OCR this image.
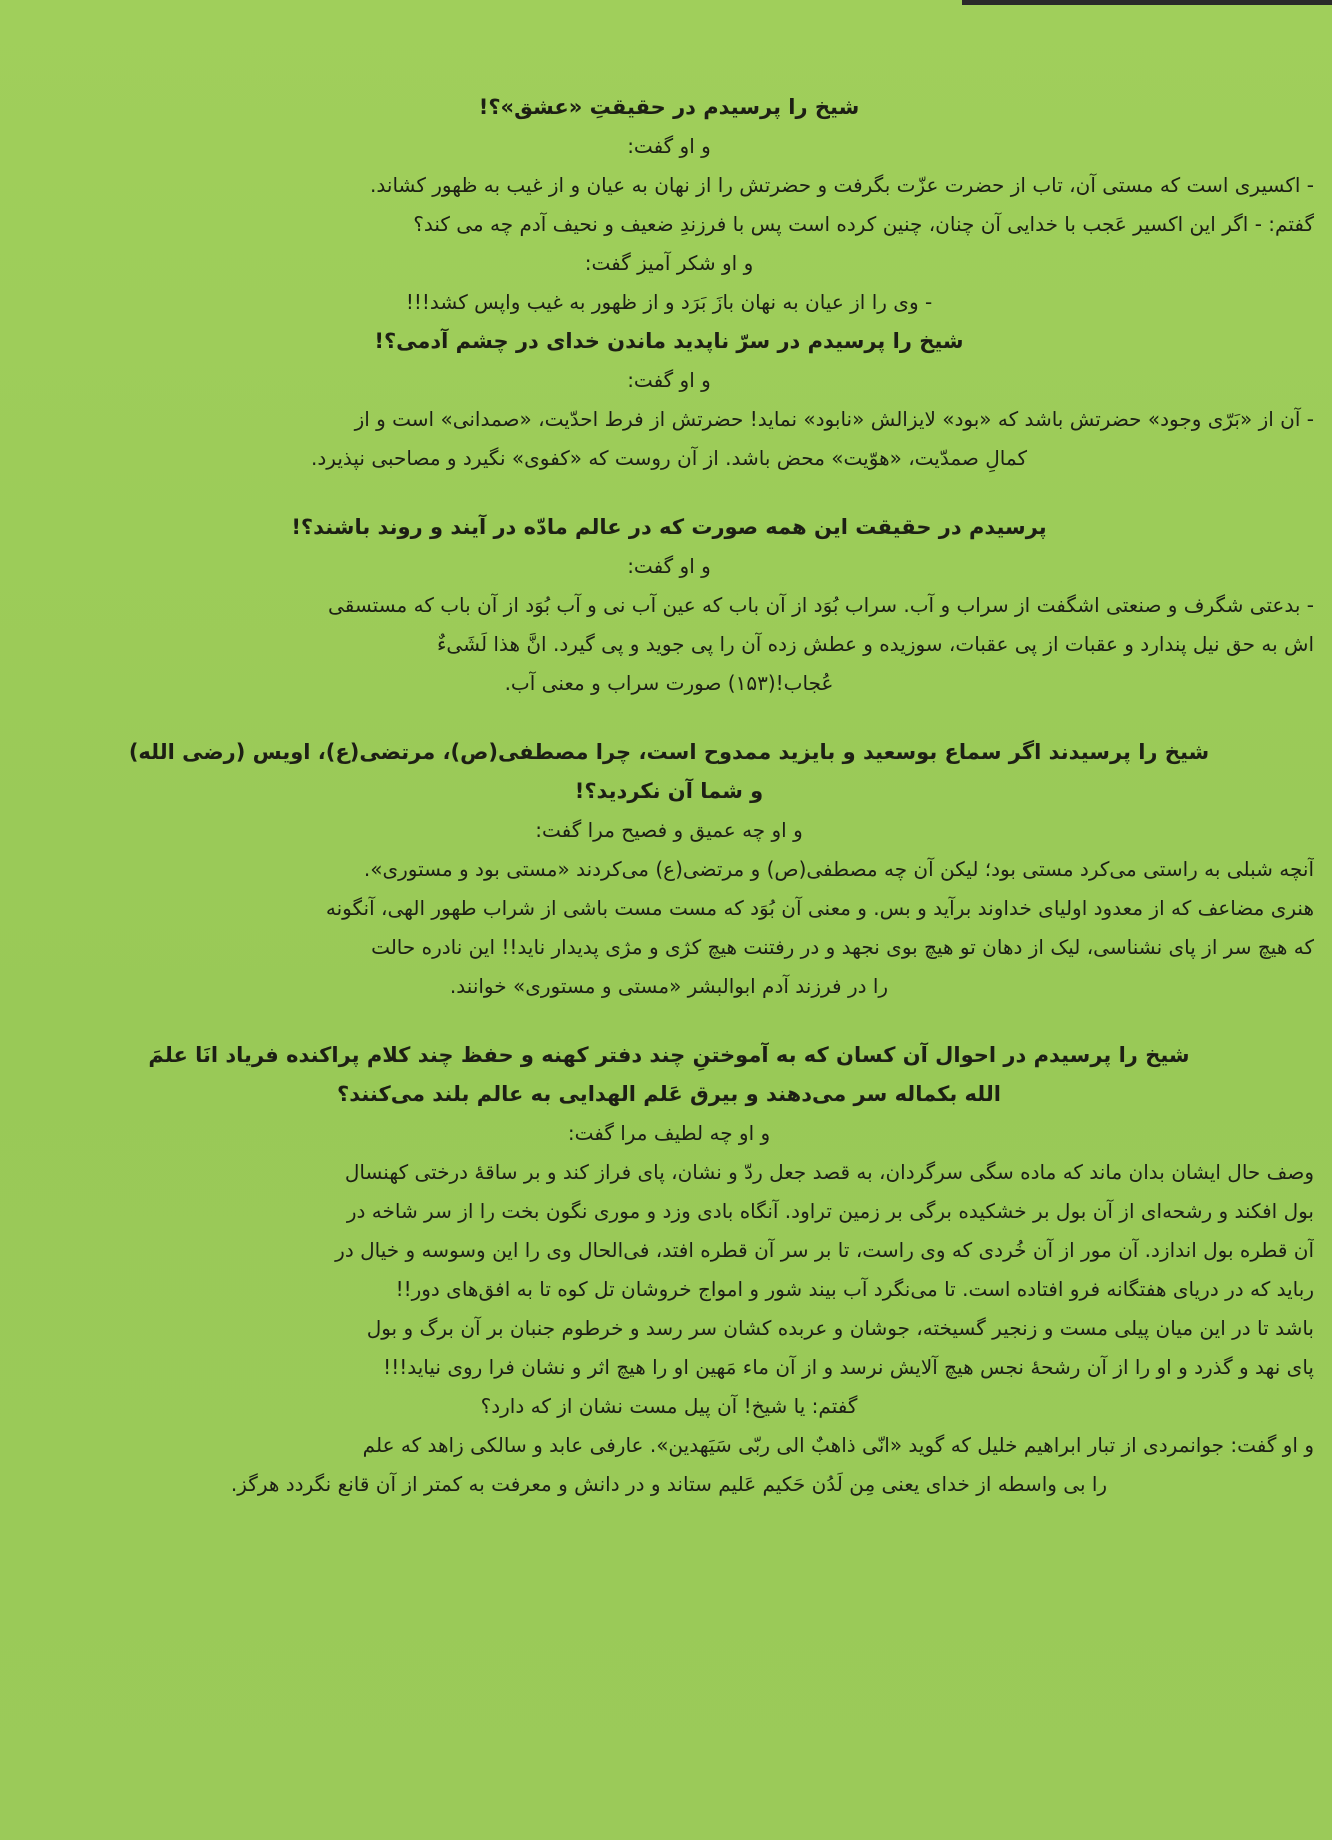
شیخ را پرسیدم در حقیقتِ «عشق»؟!
و او گفت:
- اکسیری است که مستی آن، تاب از حضرت عزّت بگرفت و حضرتش را از نهان به عیان و از غیب به ظهور کشاند.
گفتم: - اگر این اکسیر عَجب با خدایی آن چنان، چنین کرده است پس با فرزندِ ضعیف و نحیف آدم چه می کند؟
و او شکر آمیز گفت:
- وی را از عیان به نهان بازَ بَرَد و از ظهور به غیب واپس کشد!!!
شیخ را پرسیدم در سرّ ناپدید ماندن خدای در چشم آدمی؟!
و او گفت:
- آن از «بَرّی وجود» حضرتش باشد که «بود» لایزالش «نابود» نماید! حضرتش از فرط احدّیت، «صمدانی» است و از
کمالِ صمدّیت، «هوّیت» محض باشد. از آن روست که «کفوی» نگیرد و مصاحبی نپذیرد.
پرسیدم در حقیقت این همه صورت که در عالم مادّه در آیند و روند باشند؟!
و او گفت:
- بدعتی شگرف و صنعتی اشگفت از سراب و آب. سراب بُوَد از آن باب که عین آب نی و آب بُوَد از آن باب که مستسقی
اش به حق نیل پندارد و عقبات از پی عقبات، سوزیده و عطش زده آن را پی جوید و پی گیرد. انَّ هذا لَشَیءٌ
عُجاب!(۱۵۳) صورت سراب و معنی آب.
شیخ را پرسیدند اگر سماع بوسعید و بایزید ممدوح است، چرا مصطفی(ص)، مرتضی(ع)، اویس (رضی الله)
و شما آن نکردید؟!
و او چه عمیق و فصیح مرا گفت:
آنچه شبلی به راستی می‌کرد مستی بود؛ لیکن آن چه مصطفی(ص) و مرتضی(ع) می‌کردند «مستی بود و مستوری».
هنری مضاعف که از معدود اولیای خداوند برآید و بس. و معنی آن بُوَد که مست مست باشی از شراب طهور الهی، آنگونه
که هیچ سر از پای نشناسی، لیک از دهان تو هیچ بوی نجهد و در رفتنت هیچ کژی و مژی پدیدار ناید!! این نادره حالت
را در فرزند آدم ابوالبشر «مستی و مستوری» خوانند.
شیخ را پرسیدم در احوال آن کسان که به آموختنِ چند دفتر کهنه و حفظ چند کلام پراکنده فریاد انَا علمَ
الله بکماله سر می‌دهند و بیرق عَلم الهدایی به عالم بلند می‌کنند؟
و او چه لطیف مرا گفت:
وصف حال ایشان بدان ماند که ماده سگی سرگردان، به قصد جعل ردّ و نشان، پای فراز کند و بر ساقهٔ درختی کهنسال
بول افکند و رشحه‌ای از آن بول بر خشکیده برگی بر زمین تراود. آنگاه بادی وزد و موری نگون بخت را از سر شاخه در
آن قطره بول اندازد. آن مور از آن خُردی که وی راست، تا بر سر آن قطره افتد، فی‌الحال وی را این وسوسه و خیال در
رباید که در دریای هفتگانه فرو افتاده است. تا می‌نگرد آب بیند شور و امواج خروشان تل کوه تا به افق‌های دور!!
باشد تا در این میان پیلی مست و زنجیر گسیخته، جوشان و عربده کشان سر رسد و خرطوم جنبان بر آن برگ و بول
پای نهد و گذرد و او را از آن رشحهٔ نجس هیچ آلایش نرسد و از آن ماء مَهین او را هیچ اثر و نشان فرا روی نیاید!!!
گفتم: یا شیخ! آن پیل مست نشان از که دارد؟
و او گفت: جوانمردی از تبار ابراهیم خلیل که گوید «انّی ذاهبٌ الی ربّی سَیَهدین». عارفی عابد و سالکی زاهد که علم
را بی واسطه از خدای یعنی مِن لَدُن حَکیم عَلیم ستاند و در دانش و معرفت به کمتر از آن قانع نگردد هرگز.
